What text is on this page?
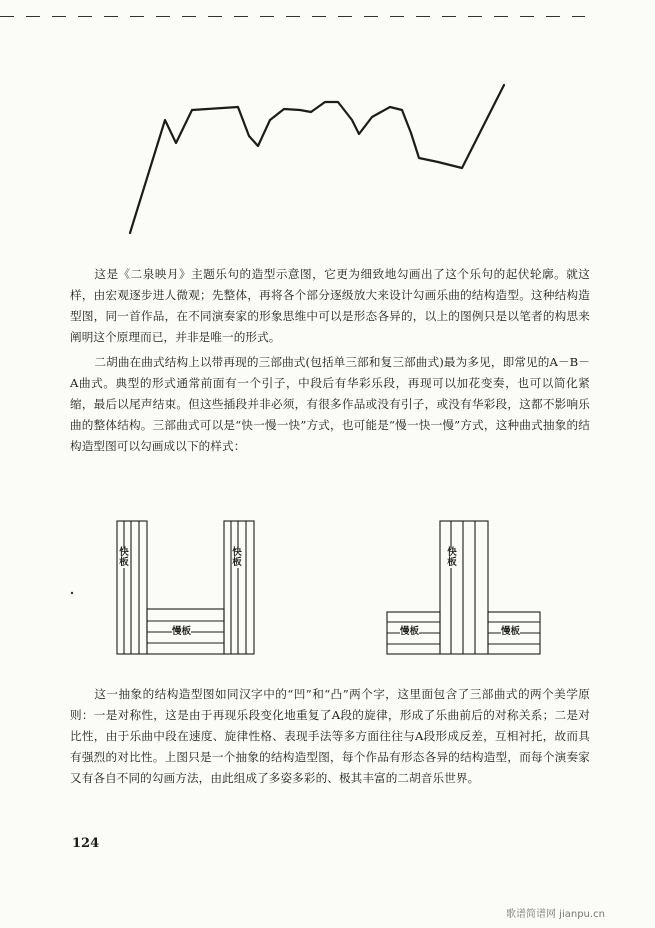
这是《二泉映月》主题乐句的造型示意图，它更为细致地勾画出了这个乐句的起伏轮廓。就这样，由宏观逐步进人微观；先整体，再将各个部分逐级放大来设计勾画乐曲的结构造型。这种结构造型图，同一首作品，在不同演奏家的形象思维中可以是形态各异的，以上的图例只是以笔者的构思来阐明这个原理而已，并非是唯一的形式。

二胡曲在曲式结构上以带再现的三部曲式(包括单三部和复三部曲式)最为多见，即常见的A－B－A曲式。典型的形式通常前面有一个引子，中段后有华彩乐段，再现可以加花变奏，也可以简化紧缩，最后以尾声结束。但这些插段并非必须，有很多作品或没有引子，或没有华彩段，这都不影响乐曲的整体结构。三部曲式可以是“快一慢一快”方式，也可能是“慢一快一慢”方式，这种曲式抽象的结构造型图可以勾画成以下的样式：

快板
快板
慢板
快板
慢板	慢板

这一抽象的结构造型图如同汉字中的“凹”和“凸”两个字，这里面包含了三部曲式的两个美学原则：一是对称性，这是由于再现乐段变化地重复了A段的旋律，形成了乐曲前后的对称关系；二是对比性，由于乐曲中段在速度、旋律性格、表现手法等多方面往往与A段形成反差，互相衬托，故而具有强烈的对比性。上图只是一个抽象的结构造型图，每个作品有形态各异的结构造型，而每个演奏家又有各自不同的勾画方法，由此组成了多姿多彩的、极其丰富的二胡音乐世界。

124
歌谱简谱网 jianpu.cn
